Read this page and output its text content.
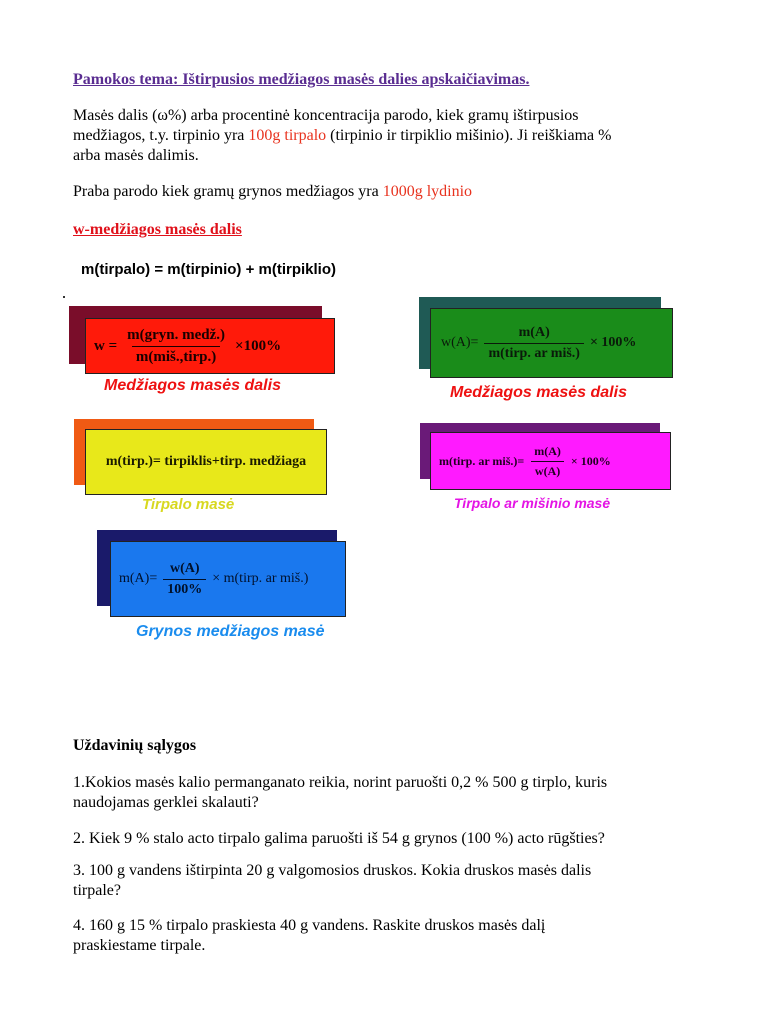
Pamokos tema: Ištirpusios medžiagos masės dalies apskaičiavimas.

Masės dalis (ω%) arba procentinė koncentracija parodo, kiek gramų ištirpusios

medžiagos, t.y. tirpinio yra 100g tirpalo (tirpinio ir tirpiklio mišinio). Ji reiškiama %

arba masės dalimis.

Praba parodo kiek gramų grynos medžiagos yra 1000g lydinio

w-medžiagos masės dalis

m(tirpalo) = m(tirpinio) + m(tirpiklio)

$w = \frac{\text{m(gryn. medž.)}}{\text{m(miš.,tirp.)}} \times 100\%$
Medžiagos masės dalis
$w(A)= \frac{m(A)}{\text{m(tirp. ar miš.)}} \times 100\%$
Medžiagos masės dalis
m(tirp.)= tirpiklis+tirp. medžiaga
Tirpalo masė
m(tirp. ar miš.)= $\frac{m(A)}{w(A)} \times 100\%$
Tirpalo ar mišinio masė
$m(A)= \frac{w(A)}{100\%}$ × m(tirp. ar miš.)
Grynos medžiagos masė

Uždavinių sąlygos

1.Kokios masės kalio permanganato reikia, norint paruošti 0,2 % 500 g tirplo, kuris

naudojamas gerklei skalauti?

2. Kiek 9 % stalo acto tirpalo galima paruošti iš 54 g grynos (100 %) acto rūgšties?

3. 100 g vandens ištirpinta 20 g valgomosios druskos. Kokia druskos masės dalis

tirpale?

4. 160 g 15 % tirpalo praskiesta 40 g vandens. Raskite druskos masės dalį

praskiestame tirpale.
